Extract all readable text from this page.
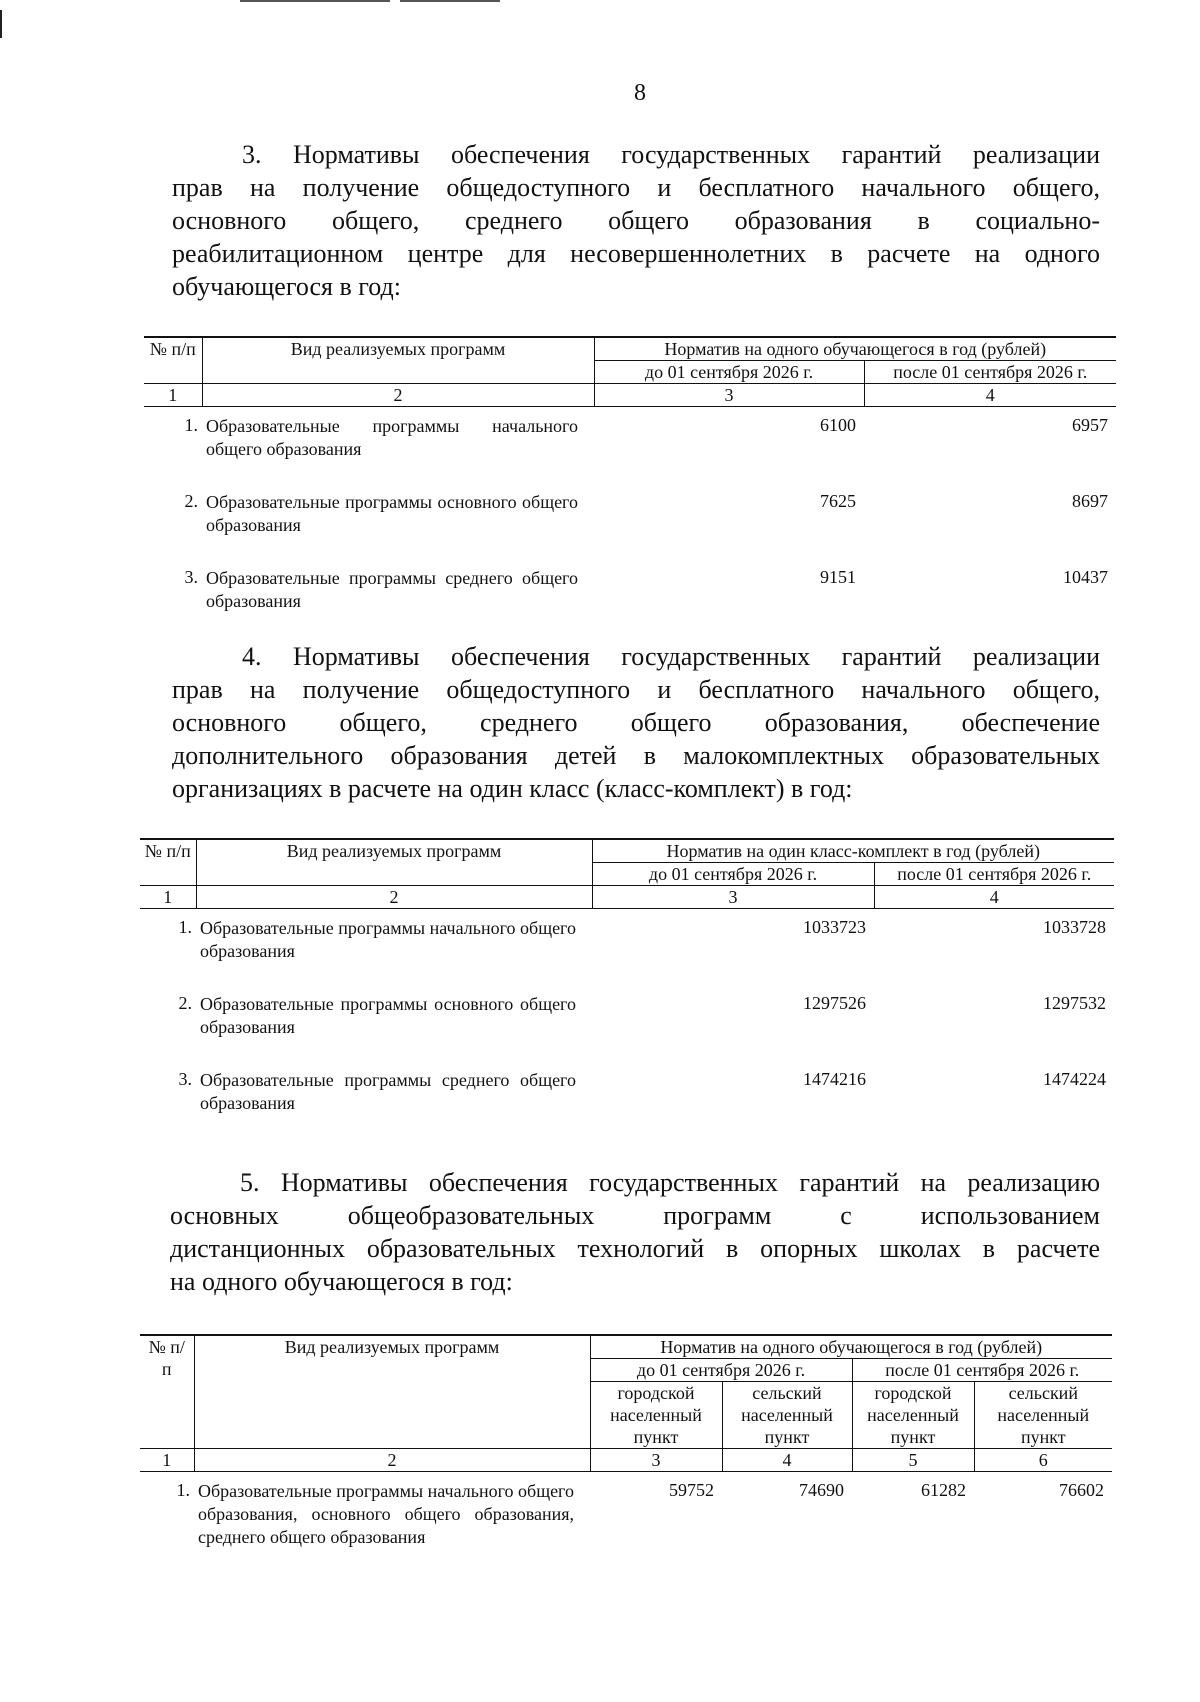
8
3. Нормативы обеспечения государственных гарантий реализации
прав на получение общедоступного и бесплатного начального общего,
основного общего, среднего общего образования в социально-
реабилитационном центре для несовершеннолетних в расчете на одного
обучающегося в год:
№ п/п	Вид реализуемых программ	Норматив на одного обучающегося в год (рублей)	
		до 01 сентября 2026 г.	после 01 сентября 2026 г.
1	2	3	4
1.	Образовательные программы начального общего образования	6100	6957

2.	Образовательные программы основного общего образования	7625	8697

3.	Образовательные программы среднего общего образования	9151	10437
4. Нормативы обеспечения государственных гарантий реализации
прав на получение общедоступного и бесплатного начального общего,
основного общего, среднего общего образования, обеспечение
дополнительного образования детей в малокомплектных образовательных
организациях в расчете на один класс (класс-комплект) в год:
№ п/п	Вид реализуемых программ	Норматив на один класс-комплект в год (рублей)	
		до 01 сентября 2026 г.	после 01 сентября 2026 г.
1	2	3	4
1.	Образовательные программы начального общего образования	1033723	1033728

2.	Образовательные программы основного общего образования	1297526	1297532

3.	Образовательные программы среднего общего образования	1474216	1474224
5. Нормативы обеспечения государственных гарантий на реализацию
основных общеобразовательных программ с использованием
дистанционных образовательных технологий в опорных школах в расчете
на одного обучающегося в год:
№ п/п	Вид реализуемых программ	Норматив на одного обучающегося в год (рублей)			
		до 01 сентября 2026 г.		после 01 сентября 2026 г.	
		городской населенный пункт	сельский населенный пункт	городской населенный пункт	сельский населенный пункт
1	2	3	4	5	6
1.	Образовательные программы начального общего образования, основного общего образования, среднего общего образования	59752	74690	61282	76602
